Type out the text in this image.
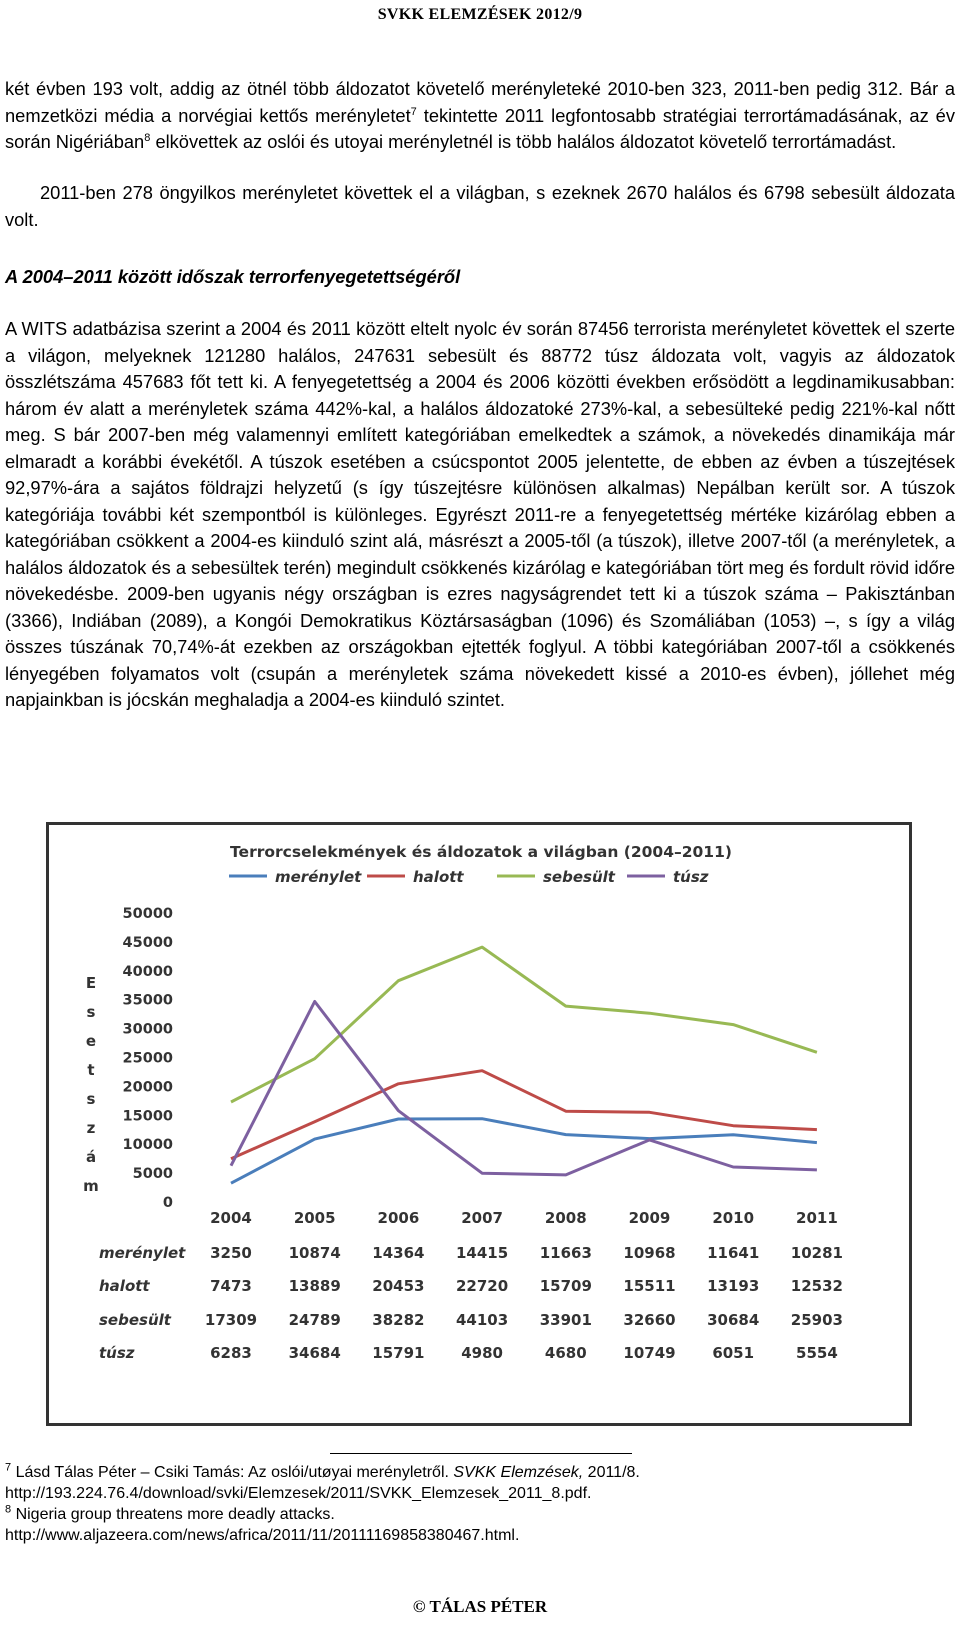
SVKK ELEMZÉSEK 2012/9
két évben 193 volt, addig az ötnél több áldozatot követelő merényleteké 2010-ben 323, 2011-ben pedig 312. Bár a nemzetközi média a norvégiai kettős merényletet$^7$ tekintette 2011 legfontosabb stratégiai terrortámadásának, az év során Nigériában$^8$ elkövettek az oslói és utoyai merényletnél is több halálos áldozatot követelő terrortámadást.
2011-ben 278 öngyilkos merényletet követtek el a világban, s ezeknek 2670 halálos és 6798 sebesült áldozata volt.
A 2004–2011 között időszak terrorfenyegetettségéről
A WITS adatbázisa szerint a 2004 és 2011 között eltelt nyolc év során 87456 terrorista merényletet követtek el szerte a világon, melyeknek 121280 halálos, 247631 sebesült és 88772 túsz áldozata volt, vagyis az áldozatok összlétszáma 457683 főt tett ki. A fenyegetettség a 2004 és 2006 közötti években erősödött a legdinamikusabban: három év alatt a merényletek száma 442%-kal, a halálos áldozatoké 273%-kal, a sebesülteké pedig 221%-kal nőtt meg. S bár 2007-ben még valamennyi említett kategóriában emelkedtek a számok, a növekedés dinamikája már elmaradt a korábbi évekétől. A túszok esetében a csúcspontot 2005 jelentette, de ebben az évben a túszejtések 92,97%-ára a sajátos földrajzi helyzetű (s így túszejtésre különösen alkalmas) Nepálban került sor. A túszok kategóriája további két szempontból is különleges. Egyrészt 2011-re a fenyegetettség mértéke kizárólag ebben a kategóriában csökkent a 2004-es kiinduló szint alá, másrészt a 2005-től (a túszok), illetve 2007-től (a merényletek, a halálos áldozatok és a sebesültek terén) megindult csökkenés kizárólag e kategóriában tört meg és fordult rövid időre növekedésbe. 2009-ben ugyanis négy országban is ezres nagyságrendet tett ki a túszok száma – Pakisztánban (3366), Indiában (2089), a Kongói Demokratikus Köztársaságban (1096) és Szomáliában (1053) –, s így a világ összes túszának 70,74%-át ezekben az országokban ejtették foglyul. A többi kategóriában 2007-től a csökkenés lényegében folyamatos volt (csupán a merényletek száma növekedett kissé a 2010-es évben), jóllehet még napjainkban is jócskán meghaladja a 2004-es kiinduló szintet.
Terrorcselekmények és áldozatok a világban (2004–2011)
merénylet	halott	sebesült	túsz
E
s
e
t
s
z
á
m
0
5000
10000
15000
20000
25000
30000
35000
40000
45000
50000
2004	2005	2006	2007	2008	2009	2010	2011
merénylet 3250 10874 14364 14415 11663 10968 11641 10281
halott	7473 13889 20453 22720 15709 15511 13193 12532
sebesült 17309 24789 38282 44103 33901 32660 30684 25903
túsz	6283 34684 15791 4980	4680 10749 6051	5554
$^7$ Lásd Tálas Péter – Csiki Tamás: Az oslói/utøyai merényletről. SVKK Elemzések, 2011/8.
http://193.224.76.4/download/svki/Elemzesek/2011/SVKK_Elemzesek_2011_8.pdf.
$^8$ Nigeria group threatens more deadly attacks.
http://www.aljazeera.com/news/africa/2011/11/20111169858380467.html.
© TÁLAS PÉTER
